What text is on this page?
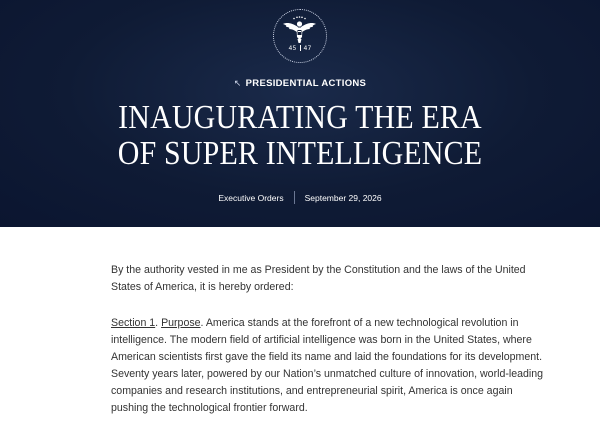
45 47
↖ PRESIDENTIAL ACTIONS
INAUGURATING THE ERA
OF SUPER INTELLIGENCE
Executive Orders September 29, 2026

By the authority vested in me as President by the Constitution and the laws of the United States of America, it is hereby ordered:

Section 1. Purpose. America stands at the forefront of a new technological revolution in intelligence. The modern field of artificial intelligence was born in the United States, where American scientists first gave the field its name and laid the foundations for its development. Seventy years later, powered by our Nation’s unmatched culture of innovation, world-leading companies and research institutions, and entrepreneurial spirit, America is once again pushing the technological frontier forward.
